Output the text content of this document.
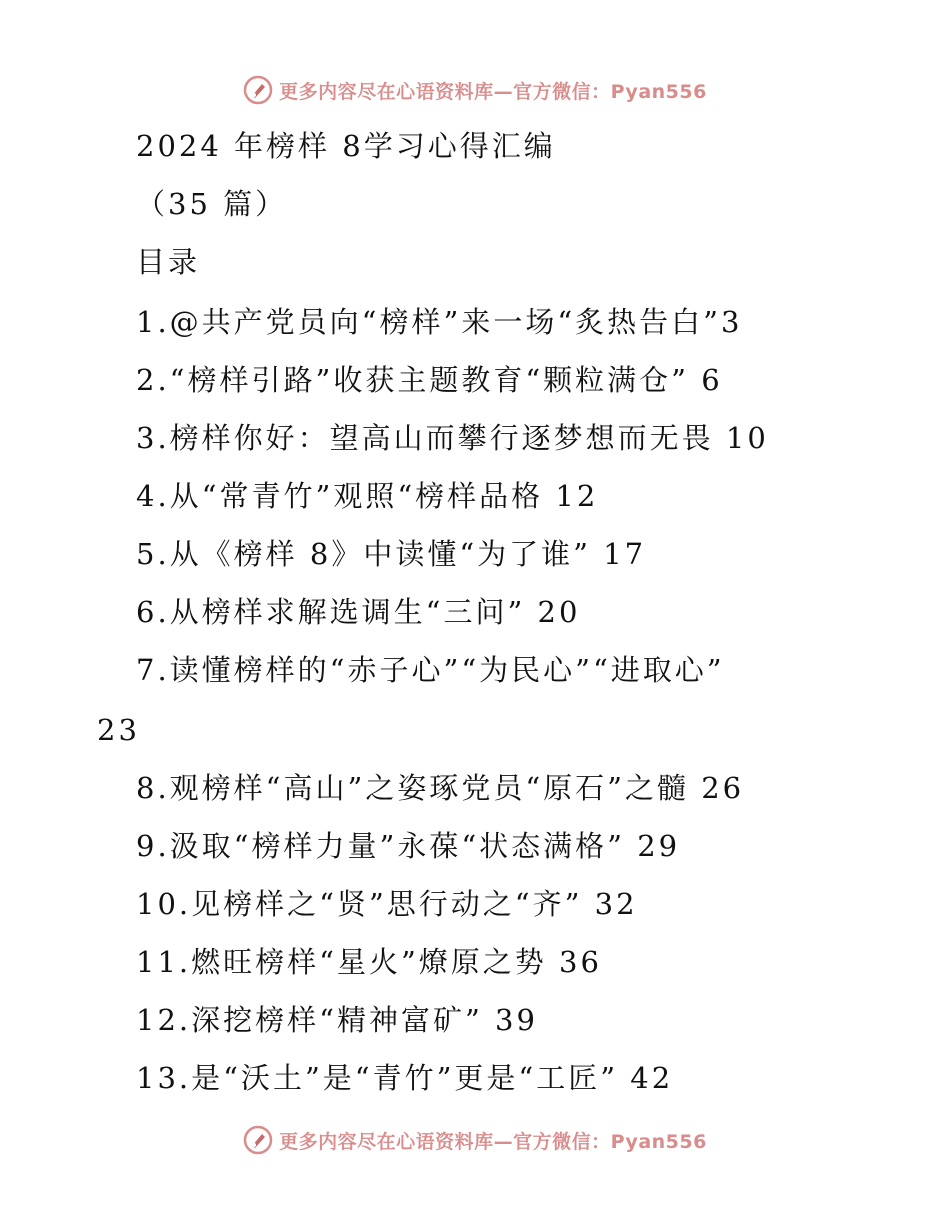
更多内容尽在心语资料库—官方微信：Pyan556
2024 年榜样 8学习心得汇编
（35 篇）
目录
1.@共产党员向“榜样”来一场“炙热告白”3
2.“榜样引路”收获主题教育“颗粒满仓” 6
3.榜样你好：望高山而攀行逐梦想而无畏 10
4.从“常青竹”观照“榜样品格 12
5.从《榜样 8》中读懂“为了谁” 17
6.从榜样求解选调生“三问” 20
7.读懂榜样的“赤子心”“为民心”“进取心”
23
8.观榜样“高山”之姿琢党员“原石”之髓 26
9.汲取“榜样力量”永葆“状态满格” 29
10.见榜样之“贤”思行动之“齐” 32
11.燃旺榜样“星火”燎原之势 36
12.深挖榜样“精神富矿” 39
13.是“沃土”是“青竹”更是“工匠” 42
更多内容尽在心语资料库—官方微信：Pyan556
